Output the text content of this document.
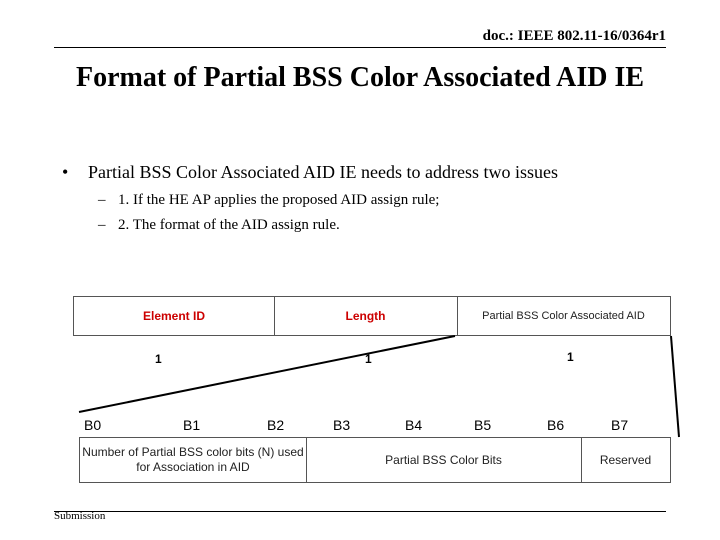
doc.: IEEE 802.11-16/0364r1
Format of Partial BSS Color Associated AID IE
• Partial BSS Color Associated AID IE needs to address two issues
– 1. If the HE AP applies the proposed AID assign rule;
– 2. The format of the AID assign rule.
Element ID	Length	Partial BSS Color Associated AID
1	1	1
B0	B1	B2	B3	B4	B5	B6	B7
Number of Partial BSS color bits (N) used for Association in AID	Partial BSS Color Bits	Reserved
Submission
